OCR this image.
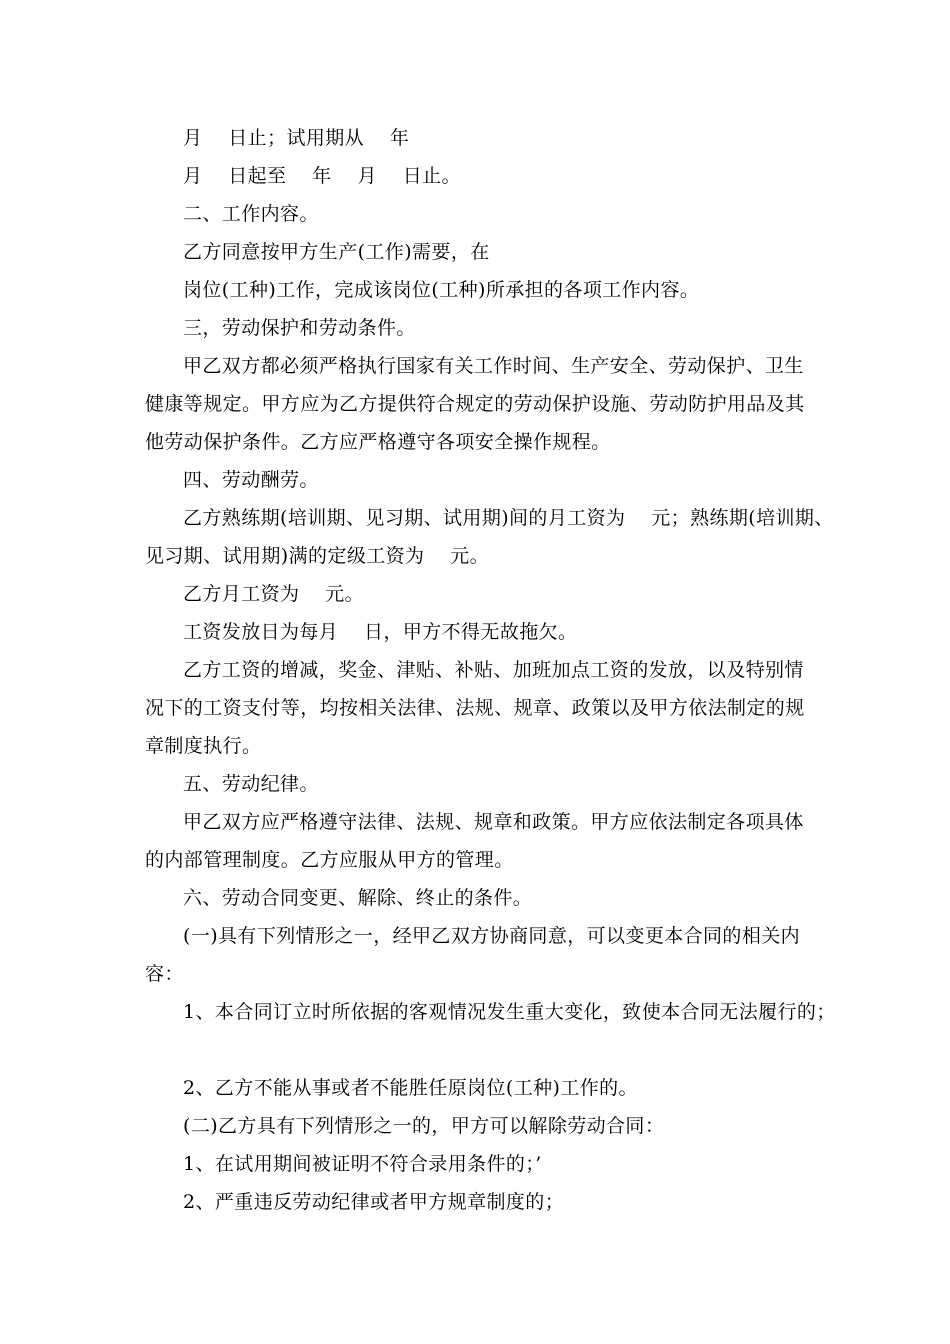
月　 日止；试用期从　 年
月　 日起至　 年　 月　 日止。
二、工作内容。
乙方同意按甲方生产(工作)需要，在
岗位(工种)工作，完成该岗位(工种)所承担的各项工作内容。
三，劳动保护和劳动条件。
甲乙双方都必须严格执行国家有关工作时间、生产安全、劳动保护、卫生
健康等规定。甲方应为乙方提供符合规定的劳动保护设施、劳动防护用品及其
他劳动保护条件。乙方应严格遵守各项安全操作规程。
四、劳动酬劳。
乙方熟练期(培训期、见习期、试用期)间的月工资为　 元；熟练期(培训期、
见习期、试用期)满的定级工资为　 元。
乙方月工资为　 元。
工资发放日为每月　 日，甲方不得无故拖欠。
乙方工资的增减，奖金、津贴、补贴、加班加点工资的发放，以及特别情
况下的工资支付等，均按相关法律、法规、规章、政策以及甲方依法制定的规
章制度执行。
五、劳动纪律。
甲乙双方应严格遵守法律、法规、规章和政策。甲方应依法制定各项具体
的内部管理制度。乙方应服从甲方的管理。
六、劳动合同变更、解除、终止的条件。
(一)具有下列情形之一，经甲乙双方协商同意，可以变更本合同的相关内
容：
1、本合同订立时所依据的客观情况发生重大变化，致使本合同无法履行的；
2、乙方不能从事或者不能胜任原岗位(工种)工作的。
(二)乙方具有下列情形之一的，甲方可以解除劳动合同：
1、在试用期间被证明不符合录用条件的；’
2、严重违反劳动纪律或者甲方规章制度的；
